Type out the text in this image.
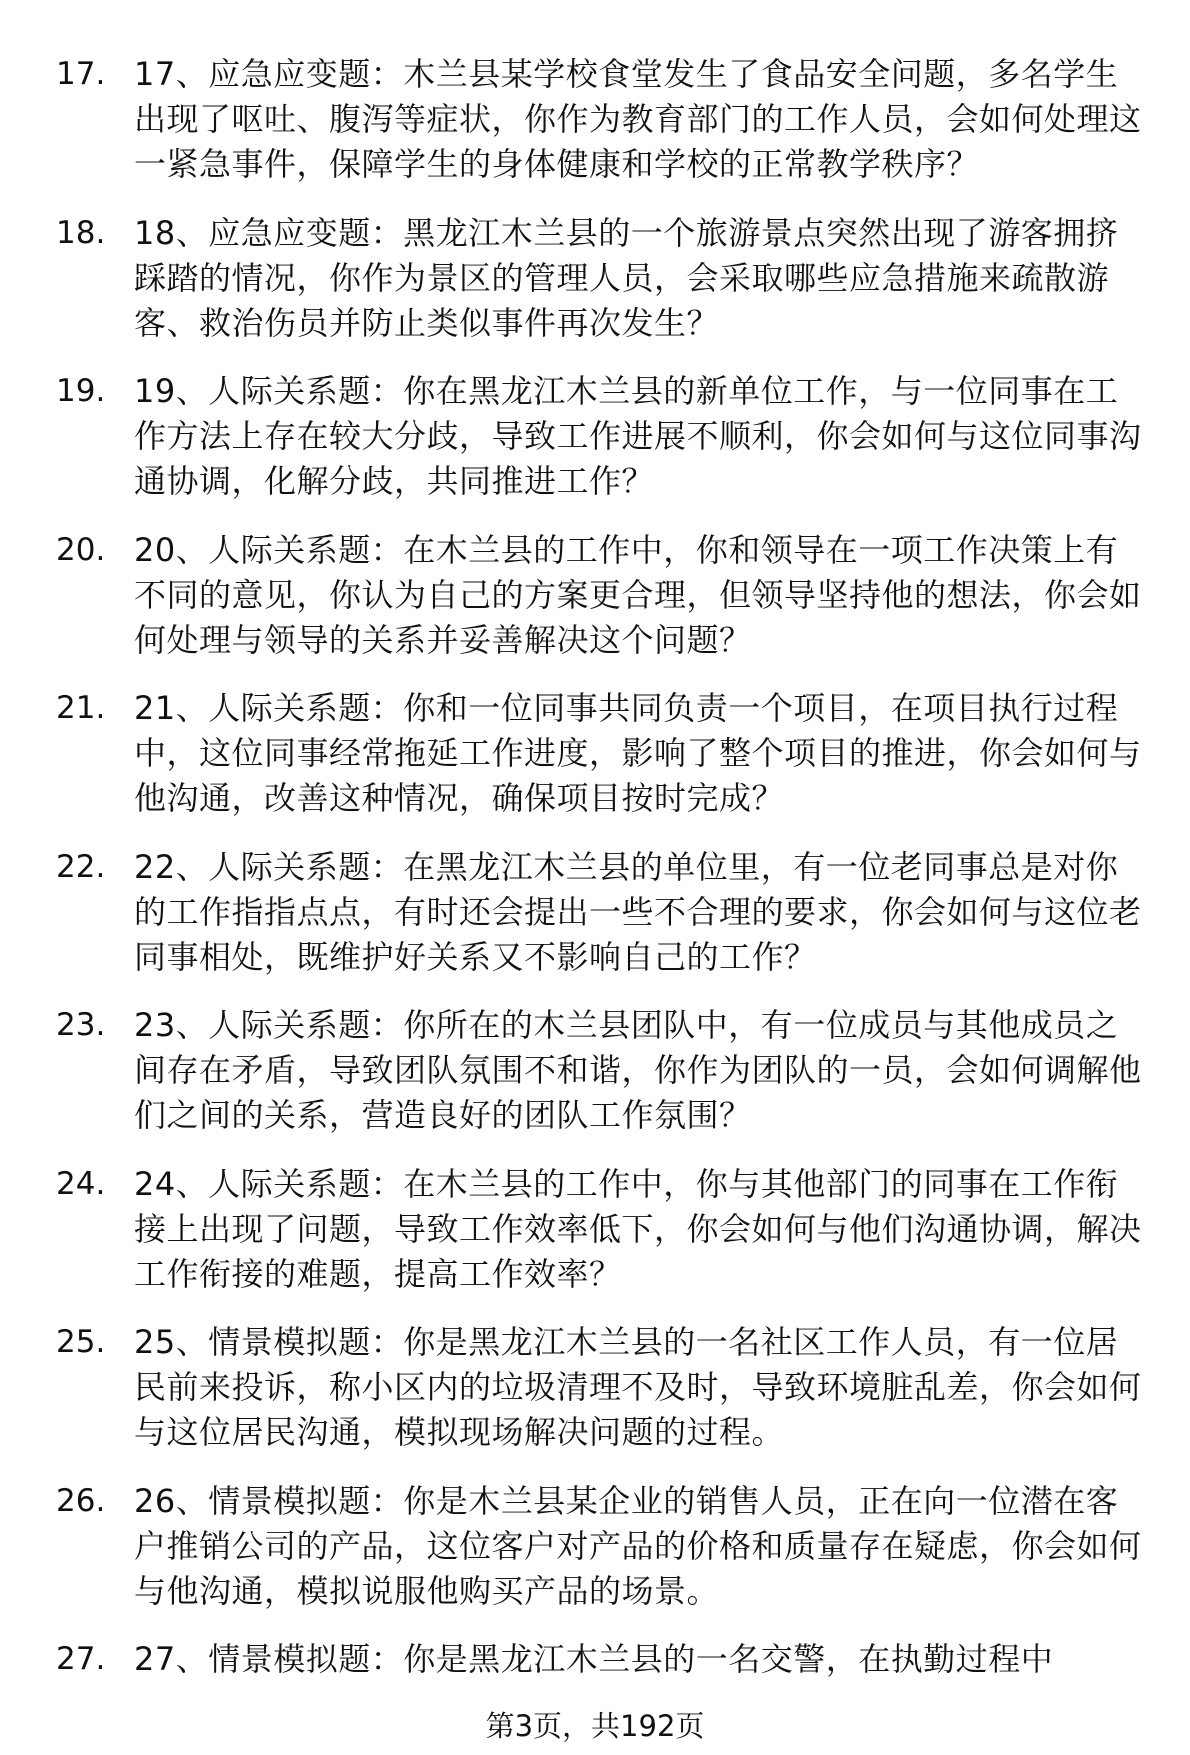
17. 17、应急应变题：木兰县某学校食堂发生了食品安全问题，多名学生出现了呕吐、腹泻等症状，你作为教育部门的工作人员，会如何处理这一紧急事件，保障学生的身体健康和学校的正常教学秩序？
18. 18、应急应变题：黑龙江木兰县的一个旅游景点突然出现了游客拥挤踩踏的情况，你作为景区的管理人员，会采取哪些应急措施来疏散游客、救治伤员并防止类似事件再次发生？
19. 19、人际关系题：你在黑龙江木兰县的新单位工作，与一位同事在工作方法上存在较大分歧，导致工作进展不顺利，你会如何与这位同事沟通协调，化解分歧，共同推进工作？
20. 20、人际关系题：在木兰县的工作中，你和领导在一项工作决策上有不同的意见，你认为自己的方案更合理，但领导坚持他的想法，你会如何处理与领导的关系并妥善解决这个问题？
21. 21、人际关系题：你和一位同事共同负责一个项目，在项目执行过程中，这位同事经常拖延工作进度，影响了整个项目的推进，你会如何与他沟通，改善这种情况，确保项目按时完成？
22. 22、人际关系题：在黑龙江木兰县的单位里，有一位老同事总是对你的工作指指点点，有时还会提出一些不合理的要求，你会如何与这位老同事相处，既维护好关系又不影响自己的工作？
23. 23、人际关系题：你所在的木兰县团队中，有一位成员与其他成员之间存在矛盾，导致团队氛围不和谐，你作为团队的一员，会如何调解他们之间的关系，营造良好的团队工作氛围？
24. 24、人际关系题：在木兰县的工作中，你与其他部门的同事在工作衔接上出现了问题，导致工作效率低下，你会如何与他们沟通协调，解决工作衔接的难题，提高工作效率？
25. 25、情景模拟题：你是黑龙江木兰县的一名社区工作人员，有一位居民前来投诉，称小区内的垃圾清理不及时，导致环境脏乱差，你会如何与这位居民沟通，模拟现场解决问题的过程。
26. 26、情景模拟题：你是木兰县某企业的销售人员，正在向一位潜在客户推销公司的产品，这位客户对产品的价格和质量存在疑虑，你会如何与他沟通，模拟说服他购买产品的场景。
27. 27、情景模拟题：你是黑龙江木兰县的一名交警，在执勤过程中
第3页，共192页
